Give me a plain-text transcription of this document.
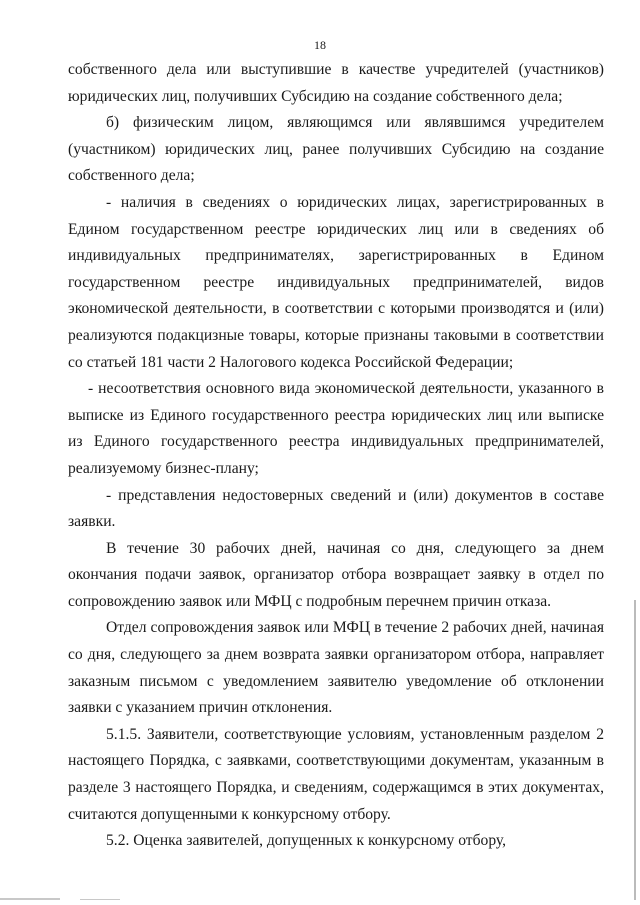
18

собственного дела или выступившие в качестве учредителей (участников) юридических лиц, получивших Субсидию на создание собственного дела;

б) физическим лицом, являющимся или являвшимся учредителем (участником) юридических лиц, ранее получивших Субсидию на создание собственного дела;

- наличия в сведениях о юридических лицах, зарегистрированных в Едином государственном реестре юридических лиц или в сведениях об индивидуальных предпринимателях, зарегистрированных в Едином государственном реестре индивидуальных предпринимателей, видов экономической деятельности, в соответствии с которыми производятся и (или) реализуются подакцизные товары, которые признаны таковыми в соответствии со статьей 181 части 2 Налогового кодекса Российской Федерации;

- несоответствия основного вида экономической деятельности, указанного в выписке из Единого государственного реестра юридических лиц или выписке из Единого государственного реестра индивидуальных предпринимателей, реализуемому бизнес-плану;

- представления недостоверных сведений и (или) документов в составе заявки.

В течение 30 рабочих дней, начиная со дня, следующего за днем окончания подачи заявок, организатор отбора возвращает заявку в отдел по сопровождению заявок или МФЦ с подробным перечнем причин отказа.

Отдел сопровождения заявок или МФЦ в течение 2 рабочих дней, начиная со дня, следующего за днем возврата заявки организатором отбора, направляет заказным письмом с уведомлением заявителю уведомление об отклонении заявки с указанием причин отклонения.

5.1.5. Заявители, соответствующие условиям, установленным разделом 2 настоящего Порядка, с заявками, соответствующими документам, указанным в разделе 3 настоящего Порядка, и сведениям, содержащимся в этих документах, считаются допущенными к конкурсному отбору.

5.2. Оценка заявителей, допущенных к конкурсному отбору,
